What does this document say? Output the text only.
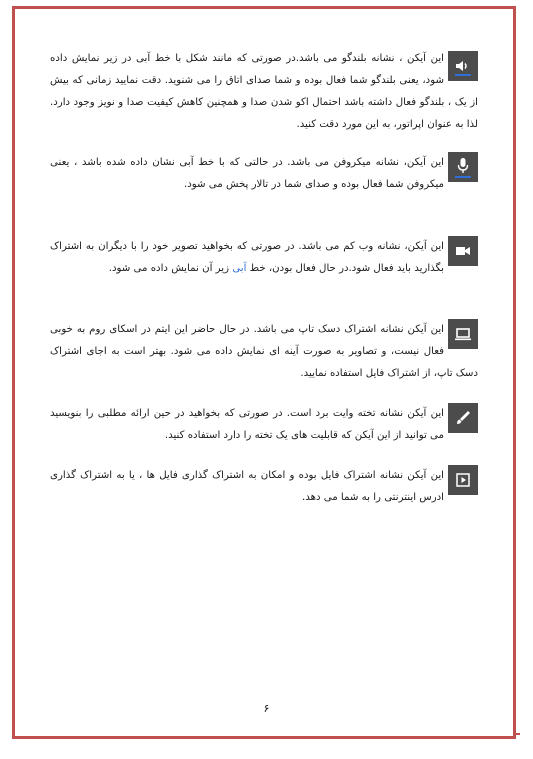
این آیکن ، نشانه بلندگو می باشد.در صورتی که مانند شکل با خط آبی در زیر نمایش داده شود، یعنی بلندگو شما فعال بوده و شما صدای اتاق را می شنوید. دقت نمایید زمانی که بیش از یک ، بلندگو فعال داشته باشد احتمال اکو شدن صدا و همچنین کاهش کیفیت صدا و نویز وجود دارد. لذا به عنوان اپراتور، به این مورد دقت کنید.
این آیکن، نشانه میکروفن می باشد. در حالتی که با خط آبی نشان داده شده باشد ، یعنی میکروفن شما فعال بوده و صدای شما در تالار پخش می شود.
این آیکن، نشانه وب کم می باشد. در صورتی که بخواهید تصویر خود را با دیگران به اشتراک بگذارید باید فعال شود.در حال فعال بودن، خط آبی زیر آن نمایش داده می شود.
این آیکن نشانه اشتراک دسک تاپ می باشد. در حال حاضر این ایتم در اسکای روم به خوبی فعال نیست، و تصاویر به صورت آینه ای نمایش داده می شود. بهتر است به اجای اشتراک دسک تاپ، از اشتراک فایل استفاده نمایید.
این آیکن نشانه تخته وایت برد است. در صورتی که بخواهید در حین ارائه مطلبی را بنویسید می توانید از این آیکن که قابلیت های یک تخته را دارد استفاده کنید.
این آیکن نشانه اشتراک فایل بوده و امکان به اشتراک گذاری فایل ها ، یا به اشتراک گذاری ادرس اینترنتی را به شما می دهد.
۶
